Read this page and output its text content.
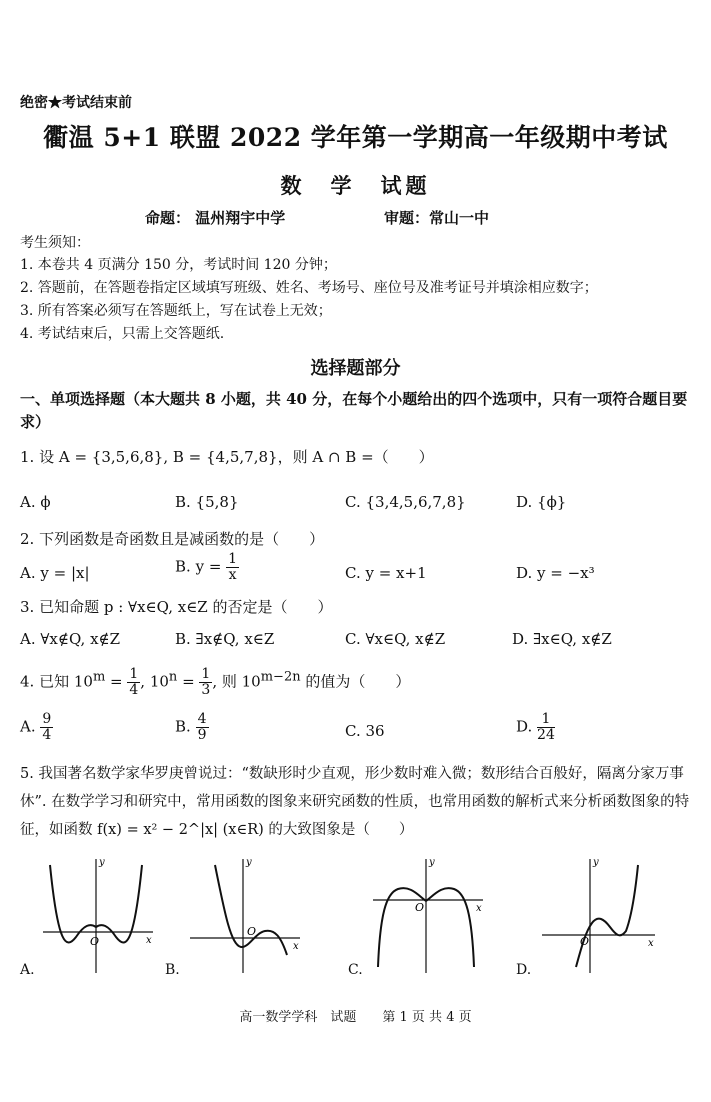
绝密★考试结束前
衢温 5+1 联盟 2022 学年第一学期高一年级期中考试
数　学　试题
命题： 温州翔宇中学	审题：常山一中
考生须知：
1. 本卷共 4 页满分 150 分，考试时间 120 分钟；
2. 答题前，在答题卷指定区域填写班级、姓名、考场号、座位号及准考证号并填涂相应数字；
3. 所有答案必须写在答题纸上，写在试卷上无效；
4. 考试结束后，只需上交答题纸.
选择题部分
一、单项选择题（本大题共 8 小题，共 40 分，在每个小题给出的四个选项中，只有一项符合题目要求）
1. 设 A = {3,5,6,8}, B = {4,5,7,8}，则 A ∩ B =（　　）
A. ϕ	B. {5,8}	C. {3,4,5,6,7,8}	D. {ϕ}
2. 下列函数是奇函数且是减函数的是（　　）
A. y = |x|	B. $y = \frac{1}{x}$	C. y = x+1	D. y = −x³
3. 已知命题 p : ∀x∈Q, x∈Z 的否定是（　　）
A. ∀x∉Q, x∉Z	B. ∃x∉Q, x∈Z	C. ∀x∈Q, x∉Z	D. ∃x∈Q, x∉Z
4. 已知 $10^m = \frac{1}{4}$ , $10^n = \frac{1}{3}$ , 则 $10^{m-2n}$ 的值为（　　）
A. $\frac{9}{4}$	B. $\frac{4}{9}$	C. 36	D. $\frac{1}{24}$
5. 我国著名数学家华罗庚曾说过：“数缺形时少直观，形少数时难入微；数形结合百般好，隔离分家万事休”. 在数学学习和研究中，常用函数的图象来研究函数的性质，也常用函数的解析式来分析函数图象的特征，如函数 f(x) = x² − 2^|x| (x∈R) 的大致图象是（　　）
O	x
y
A.
O
x
y
B.
O	x
y
C.
O	x
y
D.
高一数学学科　试题　　第 1 页 共 4 页
